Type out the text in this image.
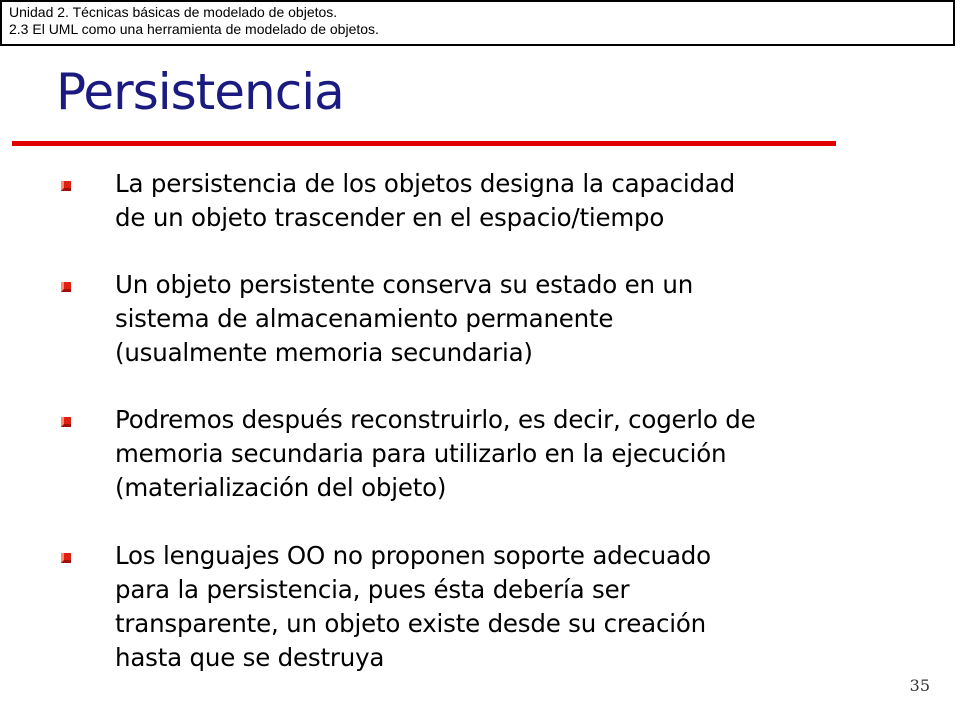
Unidad 2. Técnicas básicas de modelado de objetos.
2.3 El UML como una herramienta de modelado de objetos.
Persistencia
La persistencia de los objetos designa la capacidad
de un objeto trascender en el espacio/tiempo
Un objeto persistente conserva su estado en un
sistema de almacenamiento permanente
(usualmente memoria secundaria)
Podremos después reconstruirlo, es decir, cogerlo de
memoria secundaria para utilizarlo en la ejecución
(materialización del objeto)
Los lenguajes OO no proponen soporte adecuado
para la persistencia, pues ésta debería ser
transparente, un objeto existe desde su creación
hasta que se destruya
35
